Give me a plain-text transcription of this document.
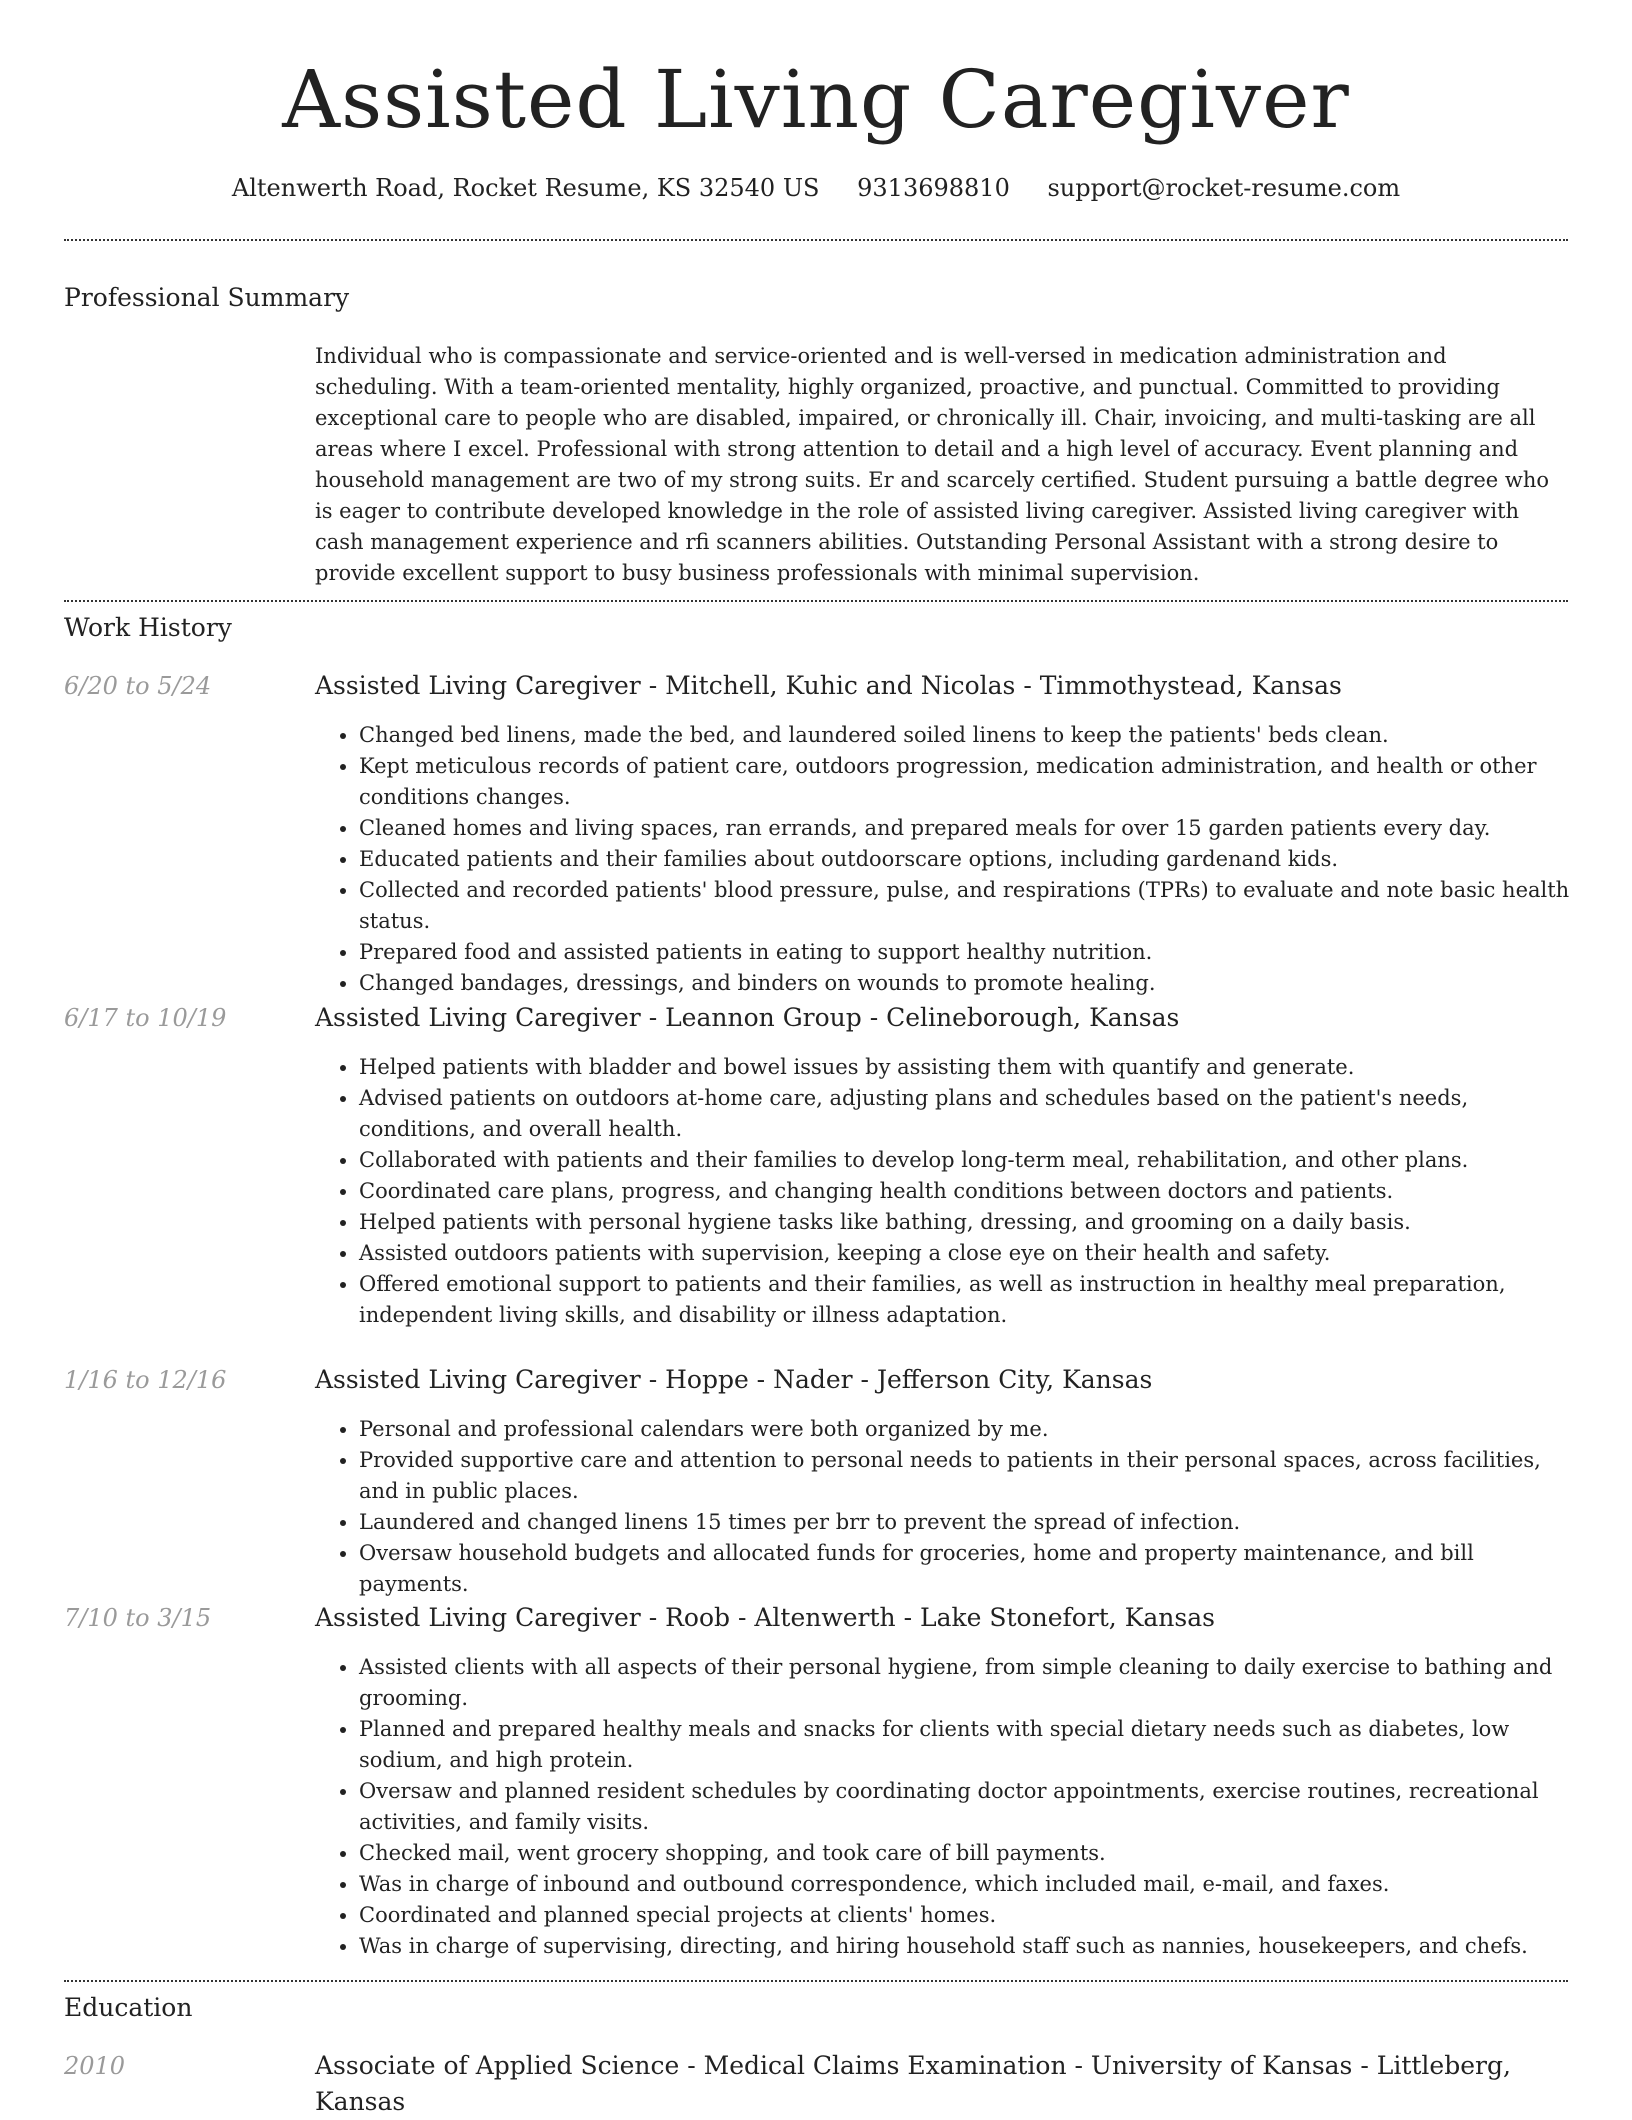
Assisted Living Caregiver
Altenwerth Road, Rocket Resume, KS 32540 US 9313698810 support@rocket-resume.com
Professional Summary

Individual who is compassionate and service-oriented and is well-versed in medication administration and scheduling. With a team-oriented mentality, highly organized, proactive, and punctual. Committed to providing exceptional care to people who are disabled, impaired, or chronically ill. Chair, invoicing, and multi-tasking are all areas where I excel. Professional with strong attention to detail and a high level of accuracy. Event planning and household management are two of my strong suits. Er and scarcely certified. Student pursuing a battle degree who is eager to contribute developed knowledge in the role of assisted living caregiver. Assisted living caregiver with cash management experience and rfi scanners abilities. Outstanding Personal Assistant with a strong desire to provide excellent support to busy business professionals with minimal supervision.

Work History
6/20 to 5/24	Assisted Living Caregiver - Mitchell, Kuhic and Nicolas - Timmothystead, Kansas
• Changed bed linens, made the bed, and laundered soiled linens to keep the patients' beds clean.
• Kept meticulous records of patient care, outdoors progression, medication administration, and health or other conditions changes.
• Cleaned homes and living spaces, ran errands, and prepared meals for over 15 garden patients every day.
• Educated patients and their families about outdoorscare options, including gardenand kids.
• Collected and recorded patients' blood pressure, pulse, and respirations (TPRs) to evaluate and note basic health status.
• Prepared food and assisted patients in eating to support healthy nutrition.
• Changed bandages, dressings, and binders on wounds to promote healing.
6/17 to 10/19	Assisted Living Caregiver - Leannon Group - Celineborough, Kansas
• Helped patients with bladder and bowel issues by assisting them with quantify and generate.
• Advised patients on outdoors at-home care, adjusting plans and schedules based on the patient's needs, conditions, and overall health.
• Collaborated with patients and their families to develop long-term meal, rehabilitation, and other plans.
• Coordinated care plans, progress, and changing health conditions between doctors and patients.
• Helped patients with personal hygiene tasks like bathing, dressing, and grooming on a daily basis.
• Assisted outdoors patients with supervision, keeping a close eye on their health and safety.
• Offered emotional support to patients and their families, as well as instruction in healthy meal preparation, independent living skills, and disability or illness adaptation.
1/16 to 12/16	Assisted Living Caregiver - Hoppe - Nader - Jefferson City, Kansas
• Personal and professional calendars were both organized by me.
• Provided supportive care and attention to personal needs to patients in their personal spaces, across facilities, and in public places.
• Laundered and changed linens 15 times per brr to prevent the spread of infection.
• Oversaw household budgets and allocated funds for groceries, home and property maintenance, and bill payments.
7/10 to 3/15	Assisted Living Caregiver - Roob - Altenwerth - Lake Stonefort, Kansas
• Assisted clients with all aspects of their personal hygiene, from simple cleaning to daily exercise to bathing and grooming.
• Planned and prepared healthy meals and snacks for clients with special dietary needs such as diabetes, low sodium, and high protein.
• Oversaw and planned resident schedules by coordinating doctor appointments, exercise routines, recreational activities, and family visits.
• Checked mail, went grocery shopping, and took care of bill payments.
• Was in charge of inbound and outbound correspondence, which included mail, e-mail, and faxes.
• Coordinated and planned special projects at clients' homes.
• Was in charge of supervising, directing, and hiring household staff such as nannies, housekeepers, and chefs.
Education
2010	Associate of Applied Science - Medical Claims Examination - University of Kansas - Littleberg, Kansas
